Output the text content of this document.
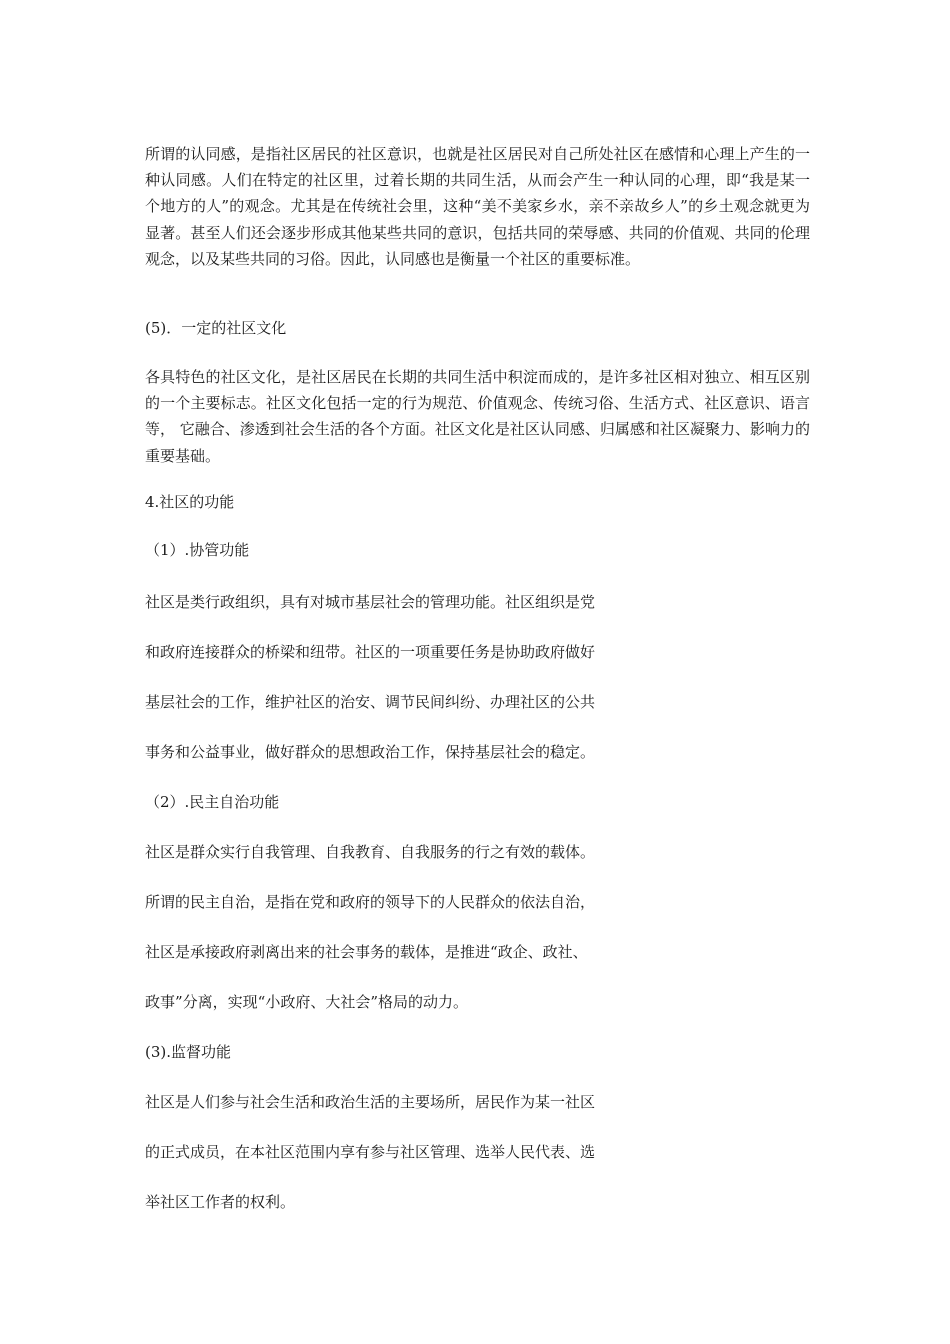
所谓的认同感，是指社区居民的社区意识，也就是社区居民对自己所处社区在感情和心理上产生的一种认同感。人们在特定的社区里，过着长期的共同生活，从而会产生一种认同的心理，即“我是某一个地方的人”的观念。尤其是在传统社会里，这种“美不美家乡水，亲不亲故乡人”的乡土观念就更为显著。甚至人们还会逐步形成其他某些共同的意识，包括共同的荣辱感、共同的价值观、共同的伦理观念，以及某些共同的习俗。因此，认同感也是衡量一个社区的重要标准。

(5)．一定的社区文化

各具特色的社区文化，是社区居民在长期的共同生活中积淀而成的，是许多社区相对独立、相互区别的一个主要标志。社区文化包括一定的行为规范、价值观念、传统习俗、生活方式、社区意识、语言等， 它融合、渗透到社会生活的各个方面。社区文化是社区认同感、归属感和社区凝聚力、影响力的重要基础。

4.社区的功能

（1）.协管功能

社区是类行政组织，具有对城市基层社会的管理功能。社区组织是党

和政府连接群众的桥梁和纽带。社区的一项重要任务是协助政府做好

基层社会的工作，维护社区的治安、调节民间纠纷、办理社区的公共

事务和公益事业，做好群众的思想政治工作，保持基层社会的稳定。

（2）.民主自治功能

社区是群众实行自我管理、自我教育、自我服务的行之有效的载体。

所谓的民主自治，是指在党和政府的领导下的人民群众的依法自治，

社区是承接政府剥离出来的社会事务的载体，是推进“政企、政社、

政事”分离，实现“小政府、大社会”格局的动力。

(3).监督功能

社区是人们参与社会生活和政治生活的主要场所，居民作为某一社区

的正式成员，在本社区范围内享有参与社区管理、选举人民代表、选

举社区工作者的权利。
